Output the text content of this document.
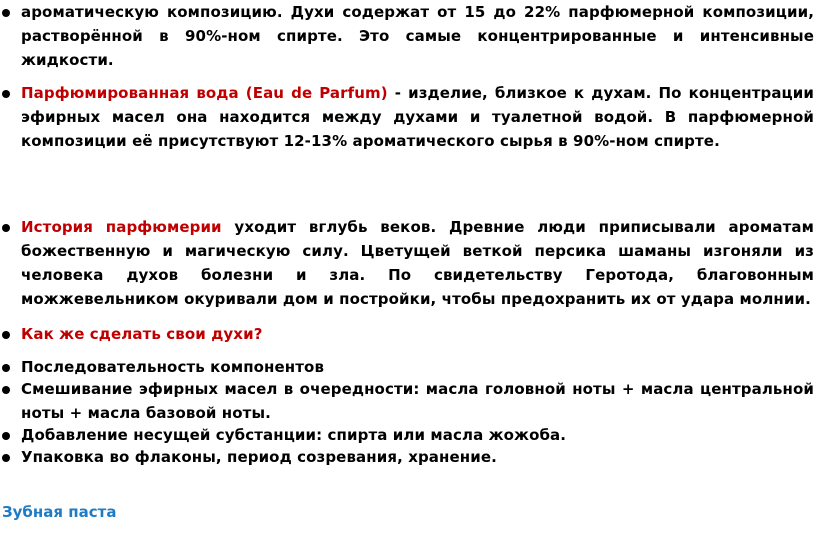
ароматическую композицию. Духи содержат от 15 до 22% парфюмерной композиции, растворённой в 90%-ном спирте. Это самые концентрированные и интенсивные жидкости.
Парфюмированная вода (Eau de Parfum) - изделие, близкое к духам. По концентрации эфирных масел она находится между духами и туалетной водой. В парфюмерной композиции её присутствуют 12-13% ароматического сырья в 90%-ном спирте.
История парфюмерии уходит вглубь веков. Древние люди приписывали ароматам божественную и магическую силу. Цветущей веткой персика шаманы изгоняли из человека духов болезни и зла. По свидетельству Геротода, благовонным можжевельником окуривали дом и постройки, чтобы предохранить их от удара молнии.
Как же сделать свои духи?
Последовательность компонентов
Смешивание эфирных масел в очередности: масла головной ноты + масла центральной ноты + масла базовой ноты.
Добавление несущей субстанции: спирта или масла жожоба.
Упаковка во флаконы, период созревания, хранение.
Зубная паста
